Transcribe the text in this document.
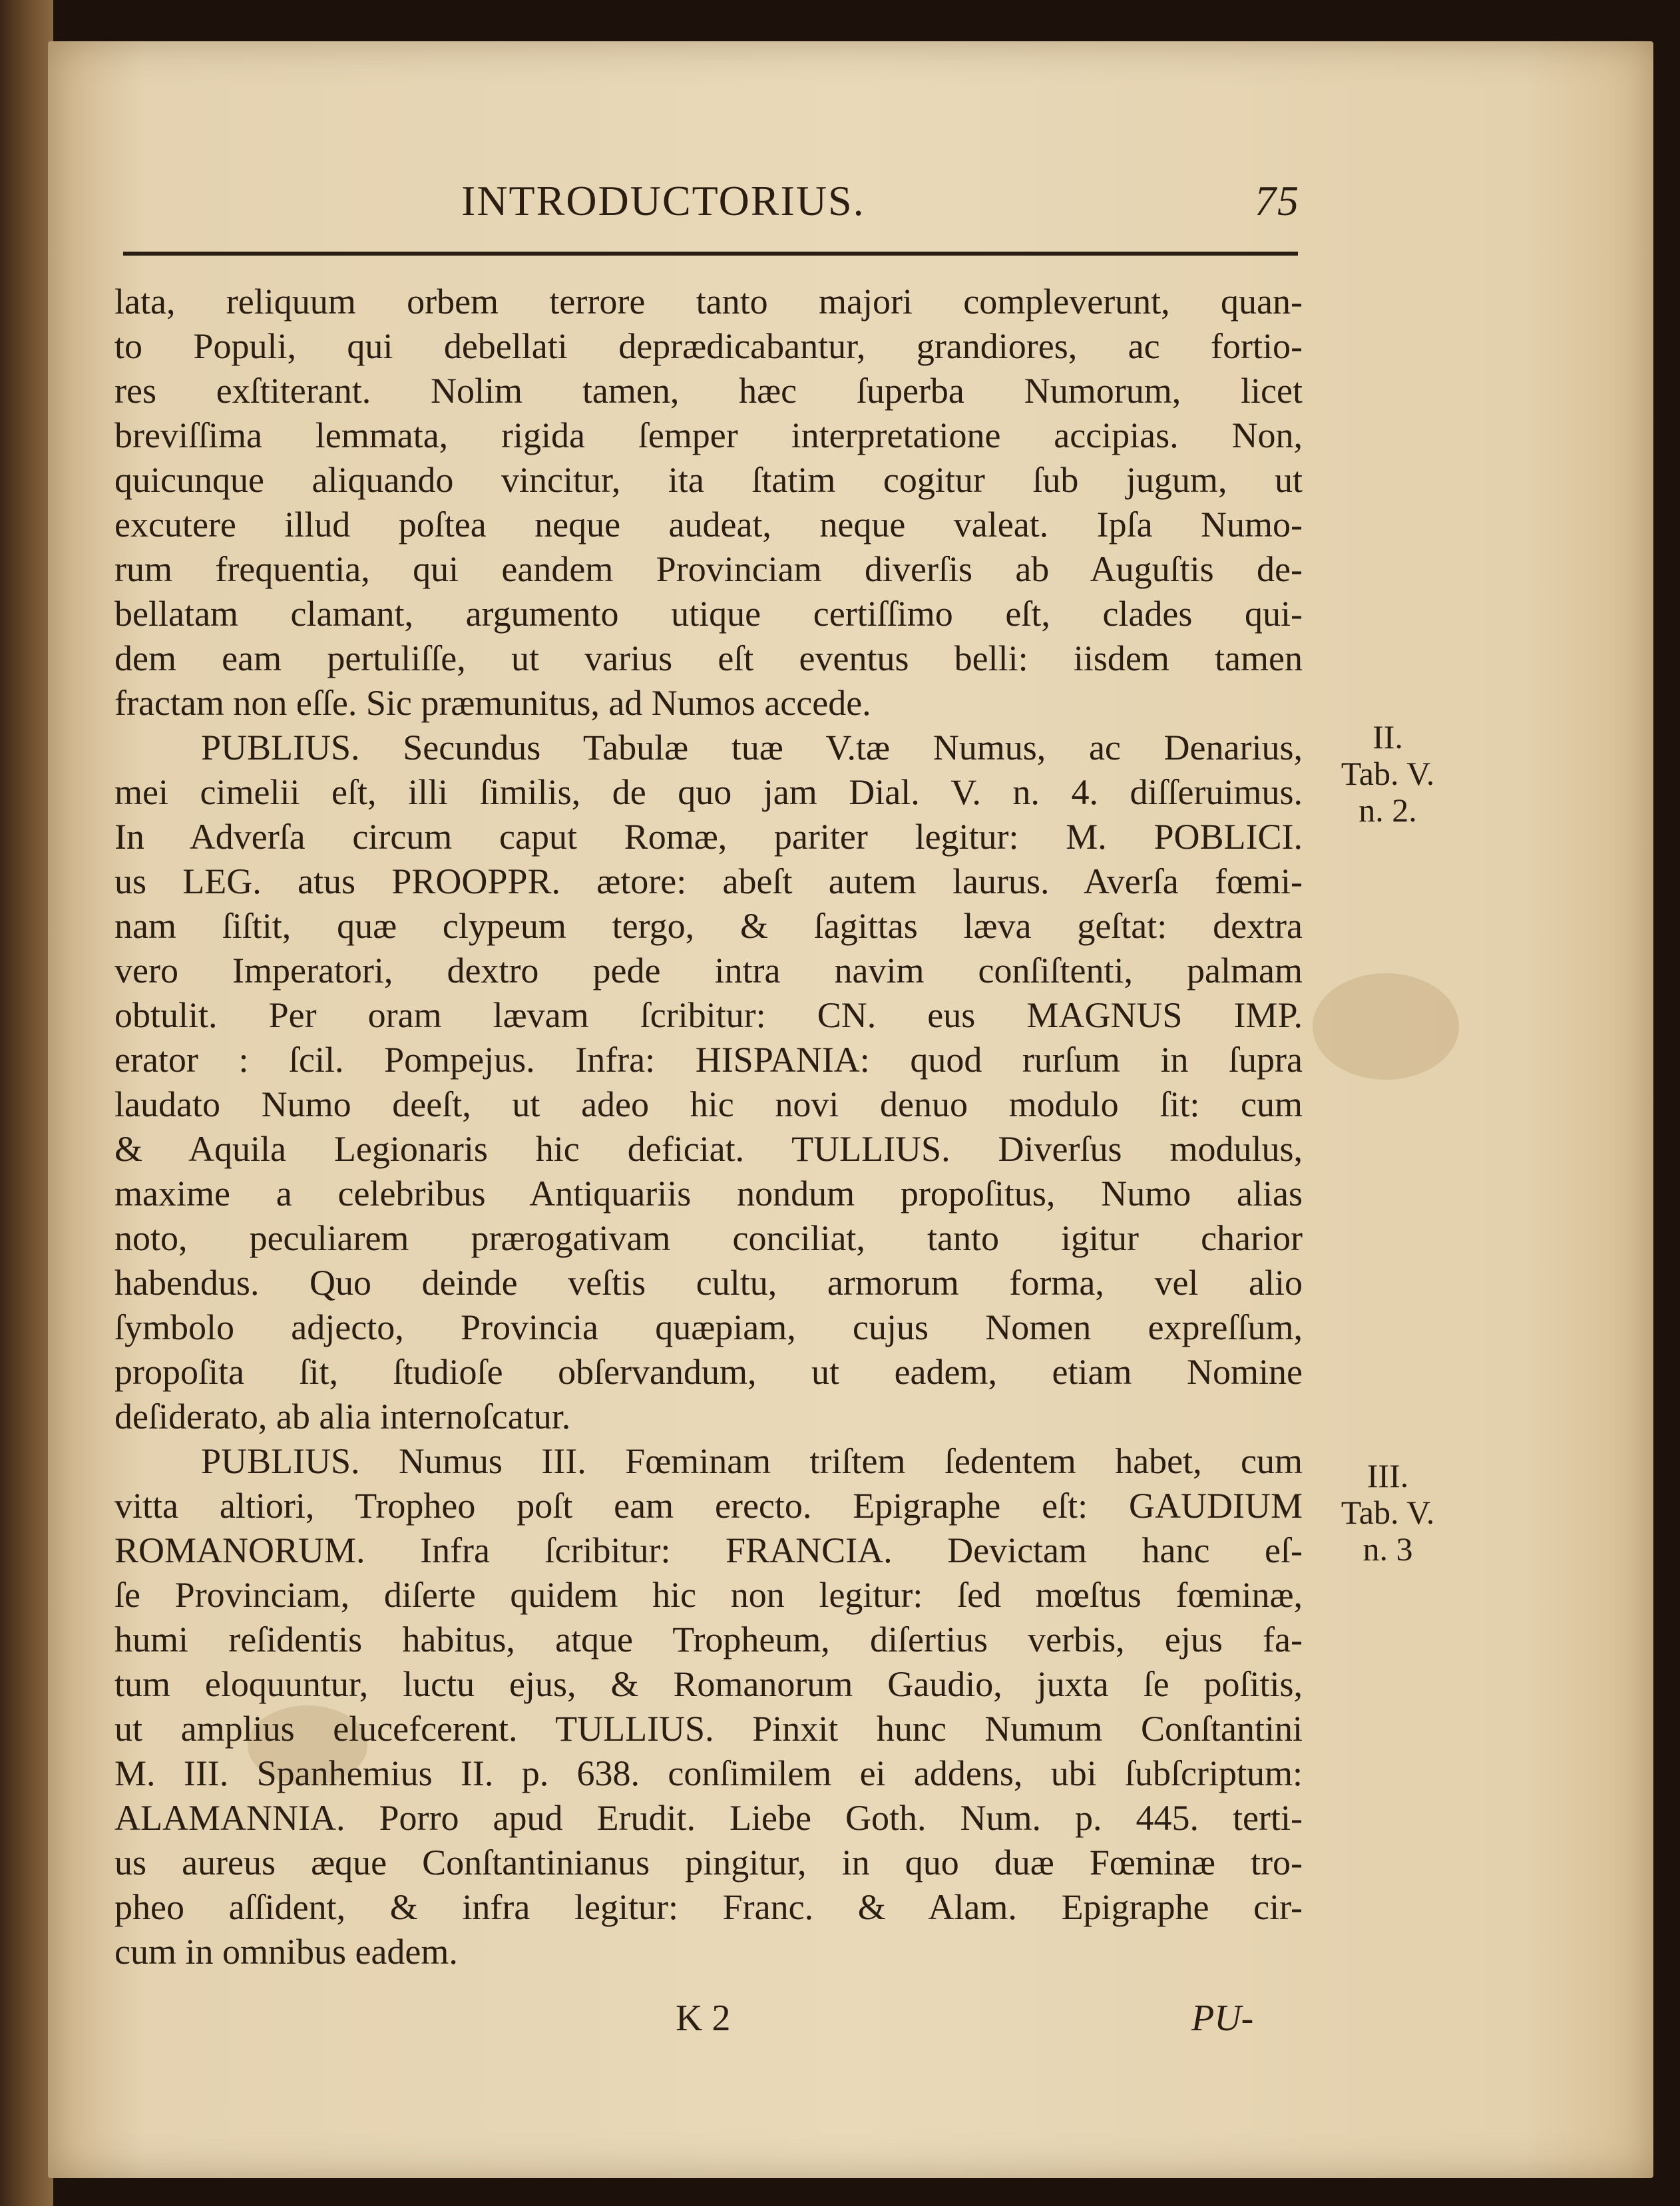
INTRODUCTORIUS.	75
lata, reliquum orbem terrore tanto majori compleverunt, quan-
to Populi, qui debellati deprædicabantur, grandiores, ac fortio-
res exſtiterant. Nolim tamen, hæc ſuperba Numorum, licet
breviſſima lemmata, rigida ſemper interpretatione accipias. Non,
quicunque aliquando vincitur, ita ſtatim cogitur ſub jugum, ut
excutere illud poſtea neque audeat, neque valeat. Ipſa Numo-
rum frequentia, qui eandem Provinciam diverſis ab Auguſtis de-
bellatam clamant, argumento utique certiſſimo eſt, clades qui-
dem eam pertuliſſe, ut varius eſt eventus belli: iisdem tamen
fractam non eſſe. Sic præmunitus, ad Numos accede.
PUBLIUS. Secundus Tabulæ tuæ V.tæ Numus, ac Denarius,
mei cimelii eſt, illi ſimilis, de quo jam Dial. V. n. 4. diſſeruimus.
In Adverſa circum caput Romæ, pariter legitur: M. POBLICI.
us LEG. atus PROOPPR. ætore: abeſt autem laurus. Averſa fœmi-
nam ſiſtit, quæ clypeum tergo, & ſagittas læva geſtat: dextra
vero Imperatori, dextro pede intra navim conſiſtenti, palmam
obtulit. Per oram lævam ſcribitur: CN. eus MAGNUS IMP.
erator : ſcil. Pompejus. Infra: HISPANIA: quod rurſum in ſupra
laudato Numo deeſt, ut adeo hic novi denuo modulo ſit: cum
& Aquila Legionaris hic deficiat. TULLIUS. Diverſus modulus,
maxime a celebribus Antiquariis nondum propoſitus, Numo alias
noto, peculiarem prærogativam conciliat, tanto igitur charior
habendus. Quo deinde veſtis cultu, armorum forma, vel alio
ſymbolo adjecto, Provincia quæpiam, cujus Nomen expreſſum,
propoſita ſit, ſtudioſe obſervandum, ut eadem, etiam Nomine
deſiderato, ab alia internoſcatur.
PUBLIUS. Numus III. Fœminam triſtem ſedentem habet, cum
vitta altiori, Tropheo poſt eam erecto. Epigraphe eſt: GAUDIUM
ROMANORUM. Infra ſcribitur: FRANCIA. Devictam hanc eſ-
ſe Provinciam, diſerte quidem hic non legitur: ſed mœſtus fœminæ,
humi reſidentis habitus, atque Tropheum, diſertius verbis, ejus fa-
tum eloquuntur, luctu ejus, & Romanorum Gaudio, juxta ſe poſitis,
ut amplius elucefcerent. TULLIUS. Pinxit hunc Numum Conſtantini
M. III. Spanhemius II. p. 638. conſimilem ei addens, ubi ſubſcriptum:
ALAMANNIA. Porro apud Erudit. Liebe Goth. Num. p. 445. terti-
us aureus æque Conſtantinianus pingitur, in quo duæ Fœminæ tro-
pheo aſſident, & infra legitur: Franc. & Alam. Epigraphe cir-
cum in omnibus eadem.
II.
Tab. V.
n. 2.
III.
Tab. V.
n. 3
K 2	PU-
